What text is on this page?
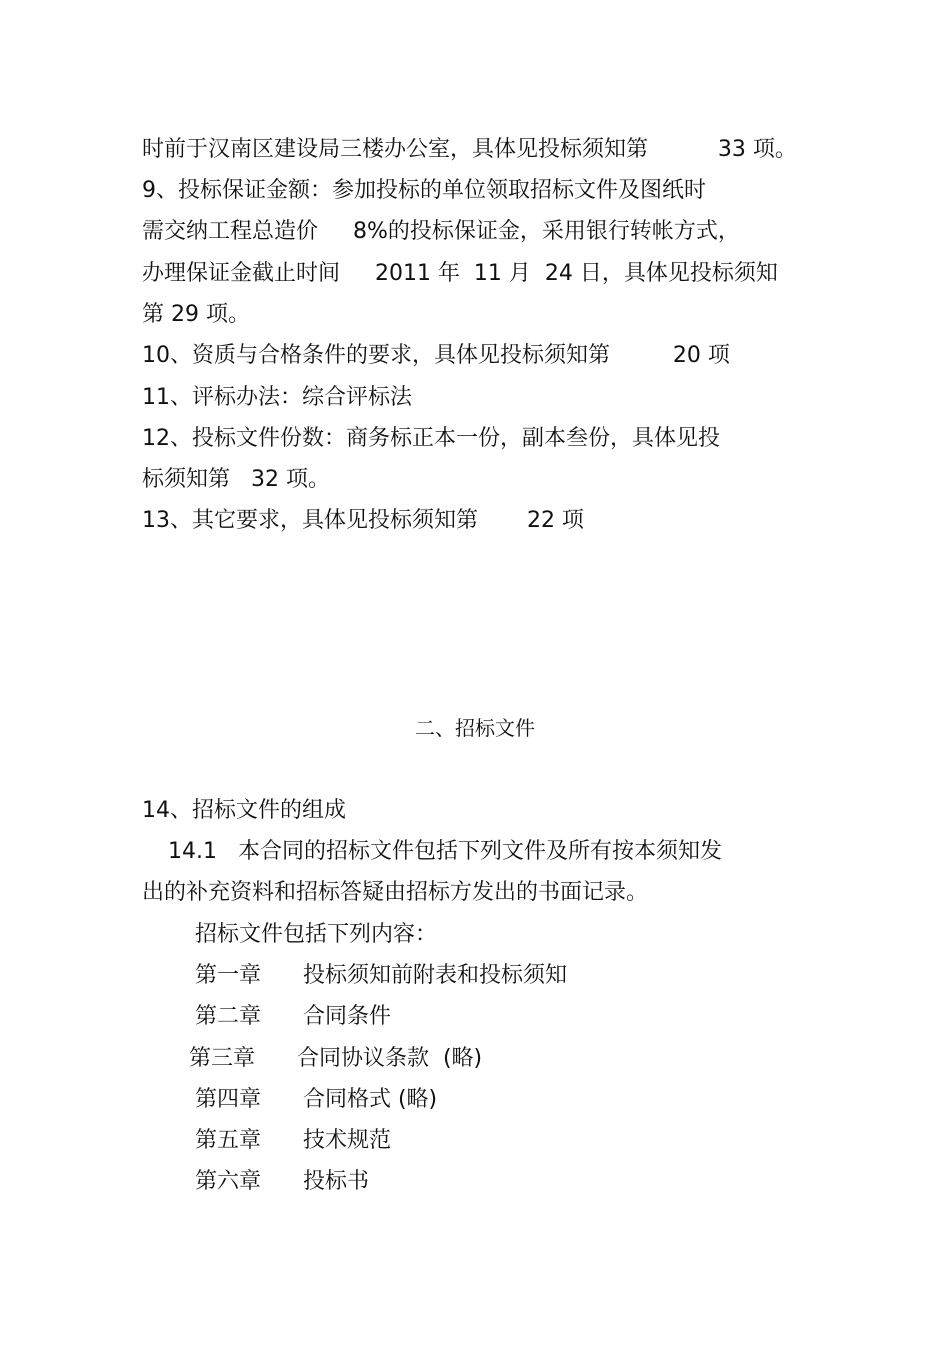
时前于汉南区建设局三楼办公室，具体见投标须知第          33 项。
9、投标保证金额：参加投标的单位领取招标文件及图纸时
需交纳工程总造价     8%的投标保证金，采用银行转帐方式，
办理保证金截止时间     2011 年  11 月  24 日，具体见投标须知
第 29 项。
10、资质与合格条件的要求，具体见投标须知第         20 项
11、评标办法：综合评标法
12、投标文件份数：商务标正本一份，副本叁份，具体见投
标须知第   32 项。
13、其它要求，具体见投标须知第       22 项
二、招标文件
14、招标文件的组成
14.1   本合同的招标文件包括下列文件及所有按本须知发
出的补充资料和招标答疑由招标方发出的书面记录。
招标文件包括下列内容：
第一章      投标须知前附表和投标须知
第二章      合同条件
第三章      合同协议条款  (略)
第四章      合同格式 (略)
第五章      技术规范
第六章      投标书
